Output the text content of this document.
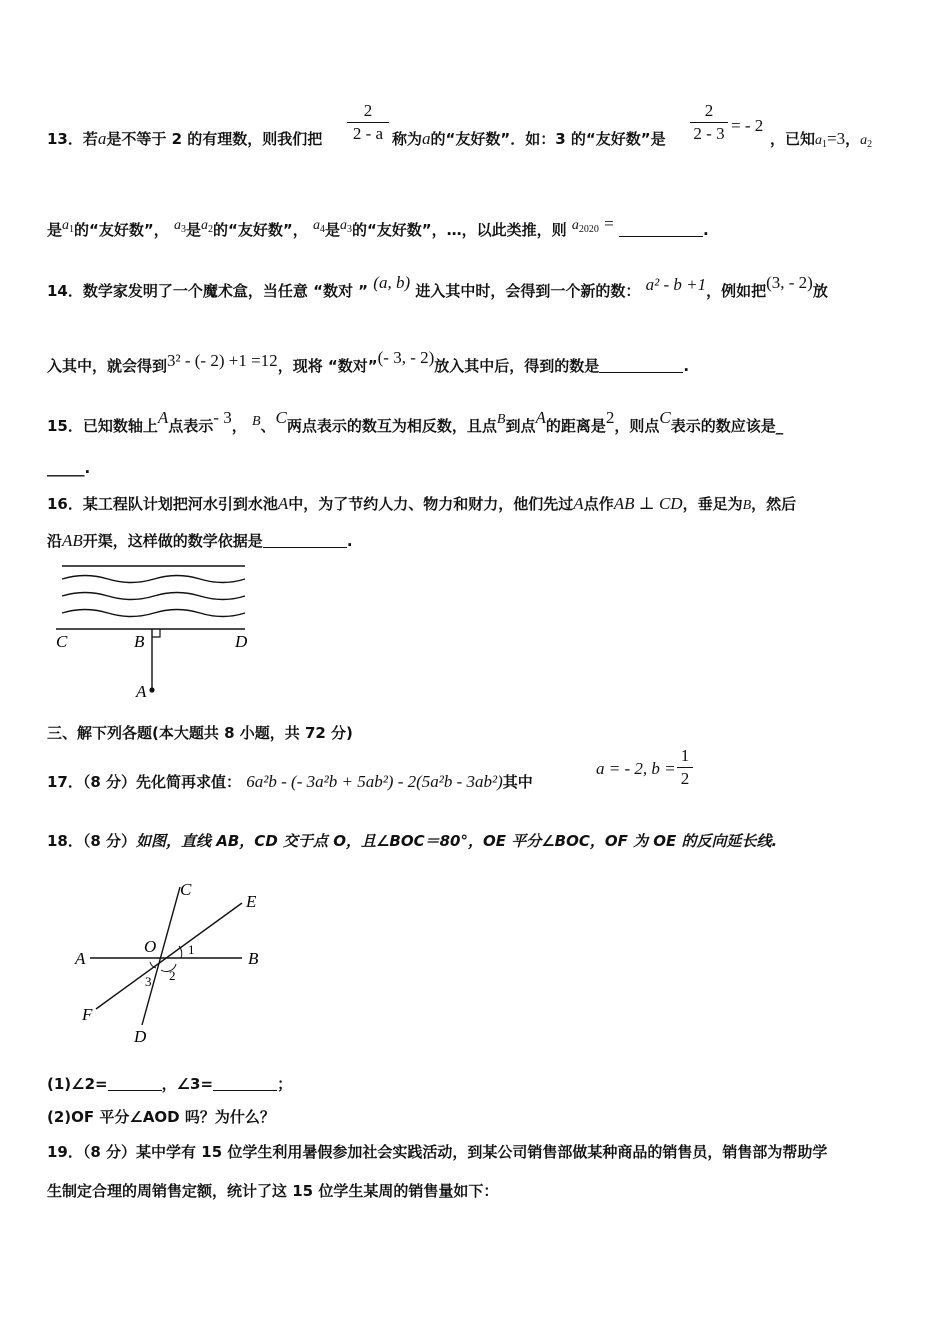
13．若a是不等于 2 的有理数，则我们把 $\frac{2}{2 - a}$ 称为a的“友好数”．如：3 的“友好数”是 $\frac{2}{2 - 3}$ = - 2
，已知$a_1=3$，$a_2$
是$a_1$的“友好数”， $a_3$是$a_2$的“友好数”， $a_4$是$a_3$的“友好数”，…，以此类推，则 $a_{2020}$ =	.
14．数学家发明了一个魔术盒，当任意 “数对 ” (a, b) 进入其中时，会得到一个新的数： a² - b +1，例如把(3, - 2)放
入其中，就会得到3² - (- 2) +1 =12，现将 “数对”(- 3, - 2)放入其中后，得到的数是	.
15．已知数轴上A点表示- 3， B、C两点表示的数互为相反数，且点B到点A的距离是2，则点C表示的数应该是_
_____.
16．某工程队计划把河水引到水池A中，为了节约人力、物力和财力，他们先过A点作AB ⊥ CD，垂足为B，然后
沿AB开渠，这样做的数学依据是	.
C	B	D
A
三、解下列各题(本大题共 8 小题，共 72 分)
17．（8 分）先化简再求值： 6a²b - (- 3a²b + 5ab²) - 2(5a²b - 3ab²)其中
a = - 2, $b = \frac{1}{2}$
18．（8 分）如图，直线 AB，CD 交于点 O，且∠BOC＝80°，OE 平分∠BOC，OF 为 OE 的反向延长线.
C
E
O 1
A	B
2
3
F
D
(1)∠2=	，∠3=	；
(2)OF 平分∠AOD 吗？为什么？
19．（8 分）某中学有 15 位学生利用暑假参加社会实践活动，到某公司销售部做某种商品的销售员，销售部为帮助学
生制定合理的周销售定额，统计了这 15 位学生某周的销售量如下：
